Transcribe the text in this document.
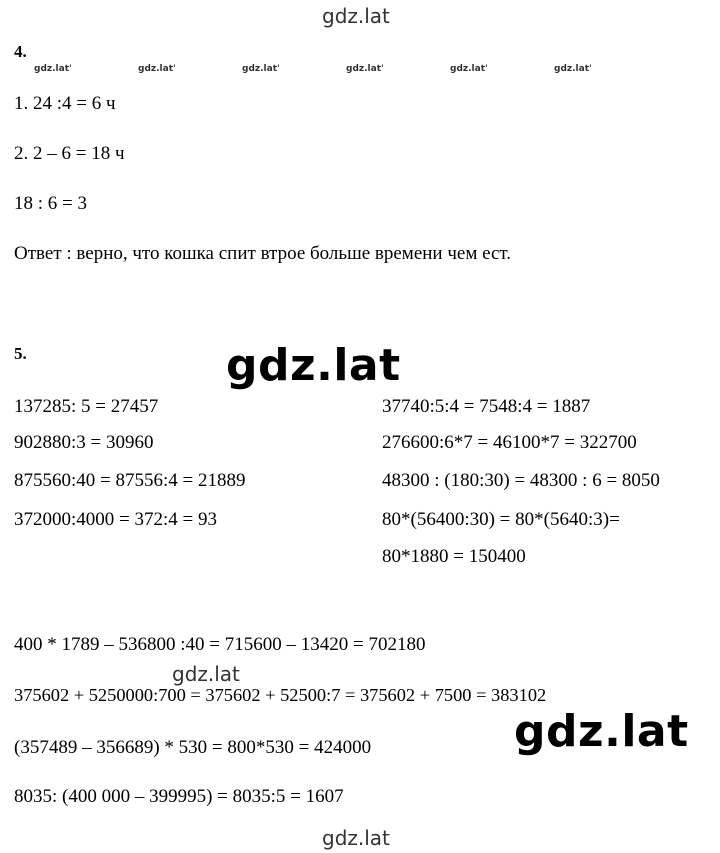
gdz.lat
gdz.lat'	gdz.lat'	gdz.lat'	gdz.lat'	gdz.lat'	gdz.lat'
4.
1. 24 :4 = 6 ч
2. 2 – 6 = 18 ч
18 : 6 = 3
Ответ : верно, что кошка спит втрое больше времени чем ест.
5.	gdz.lat
137285: 5 = 27457
902880:3 = 30960
875560:40 = 87556:4 = 21889
372000:4000 = 372:4 = 93
37740:5:4 = 7548:4 = 1887
276600:6*7 = 46100*7 = 322700
48300 : (180:30) = 48300 : 6 = 8050
80*(56400:30) = 80*(5640:3)=
80*1880 = 150400
400 * 1789 – 536800 :40 = 715600 – 13420 = 702180
gdz.lat
375602 + 5250000:700 = 375602 + 52500:7 = 375602 + 7500 = 383102
(357489 – 356689) * 530 = 800*530 = 424000	gdz.lat
8035: (400 000 – 399995) = 8035:5 = 1607
gdz.lat
